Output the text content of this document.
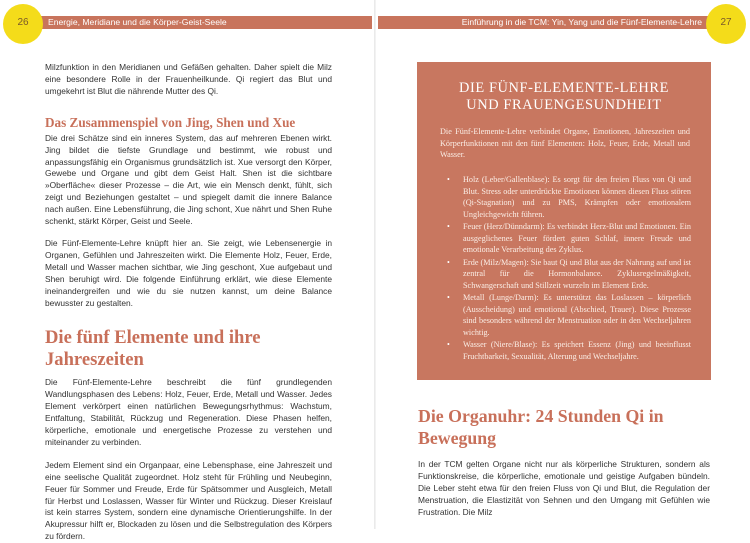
Energie, Meridiane und die Körper-Geist-Seele
26	Einführung in die TCM: Yin, Yang und die Fünf-Elemente-Lehre	27

Milzfunktion in den Meridianen und Gefäßen gehalten. Daher spielt die Milz eine besondere Rolle in der Frauenheilkunde. Qi regiert das Blut und umgekehrt ist Blut die nährende Mutter des Qi.

Das Zusammenspiel von Jing, Shen und Xue

Die drei Schätze sind ein inneres System, das auf mehreren Ebenen wirkt. Jing bildet die tiefste Grundlage und bestimmt, wie robust und anpassungsfähig ein Organismus grundsätzlich ist. Xue versorgt den Körper, Gewebe und Organe und gibt dem Geist Halt. Shen ist die sichtbare »Oberfläche« dieser Prozesse – die Art, wie ein Mensch denkt, fühlt, sich zeigt und Beziehungen gestaltet – und spiegelt damit die innere Balance nach außen. Eine Lebensführung, die Jing schont, Xue nährt und Shen Ruhe schenkt, stärkt Körper, Geist und Seele.

Die Fünf-Elemente-Lehre knüpft hier an. Sie zeigt, wie Lebensenergie in Organen, Gefühlen und Jahreszeiten wirkt. Die Elemente Holz, Feuer, Erde, Metall und Wasser machen sichtbar, wie Jing geschont, Xue aufgebaut und Shen beruhigt wird. Die folgende Einführung erklärt, wie diese Elemente ineinandergreifen und wie du sie nutzen kannst, um deine Balance bewusster zu gestalten.

Die fünf Elemente und ihre Jahreszeiten

Die Fünf-Elemente-Lehre beschreibt die fünf grundlegenden Wandlungsphasen des Lebens: Holz, Feuer, Erde, Metall und Wasser. Jedes Element verkörpert einen natürlichen Bewegungsrhythmus: Wachstum, Entfaltung, Stabilität, Rückzug und Regeneration. Diese Phasen helfen, körperliche, emotionale und energetische Prozesse zu verstehen und miteinander zu verbinden.

Jedem Element sind ein Organpaar, eine Lebensphase, eine Jahreszeit und eine seelische Qualität zugeordnet. Holz steht für Frühling und Neubeginn, Feuer für Sommer und Freude, Erde für Spätsommer und Ausgleich, Metall für Herbst und Loslassen, Wasser für Winter und Rückzug. Dieser Kreislauf ist kein starres System, sondern eine dynamische Orientierungshilfe. In der Akupressur hilft er, Blockaden zu lösen und die Selbstregulation des Körpers zu fördern.

DIE FÜNF-ELEMENTE-LEHRE
UND FRAUENGESUNDHEIT

Die Fünf-Elemente-Lehre verbindet Organe, Emotionen, Jahreszeiten und Körperfunktionen mit den fünf Elementen: Holz, Feuer, Erde, Metall und Wasser.

• Holz (Leber/Gallenblase): Es sorgt für den freien Fluss von Qi und Blut. Stress oder unterdrückte Emotionen können diesen Fluss stören (Qi-Stagnation) und zu PMS, Krämpfen oder emotionalem Ungleichgewicht führen.
• Feuer (Herz/Dünndarm): Es verbindet Herz-Blut und Emotionen. Ein ausgeglichenes Feuer fördert guten Schlaf, innere Freude und emotionale Verarbeitung des Zyklus.
• Erde (Milz/Magen): Sie baut Qi und Blut aus der Nahrung auf und ist zentral für die Hormonbalance. Zyklusregelmäßigkeit, Schwangerschaft und Stillzeit wurzeln im Element Erde.
• Metall (Lunge/Darm): Es unterstützt das Loslassen – körperlich (Ausscheidung) und emotional (Abschied, Trauer). Diese Prozesse sind besonders während der Menstruation oder in den Wechseljahren wichtig.
• Wasser (Niere/Blase): Es speichert Essenz (Jing) und beeinflusst Fruchtbarkeit, Sexualität, Alterung und Wechseljahre.
Die Organuhr: 24 Stunden Qi in Bewegung

In der TCM gelten Organe nicht nur als körperliche Strukturen, sondern als Funktionskreise, die körperliche, emotionale und geistige Aufgaben bündeln. Die Leber steht etwa für den freien Fluss von Qi und Blut, die Regulation der Menstruation, die Elastizität von Sehnen und den Umgang mit Gefühlen wie Frustration. Die Milz
